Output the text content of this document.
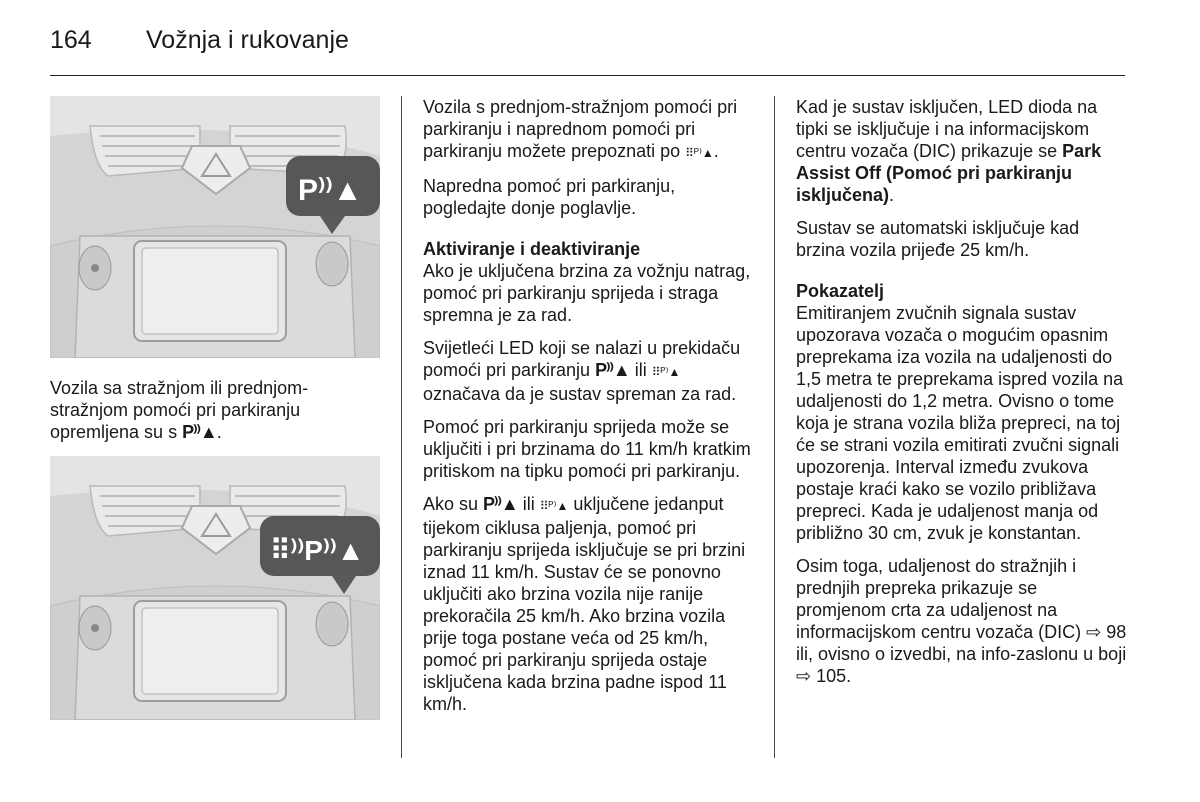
164 Vožnja i rukovanje
P⁾⁾▲

Vozila sa stražnjom ili prednjom-stražnjom pomoći pri parkiranju opremljena su s P⁾⁾▲.

⠿⁾⁾P⁾⁾▲

Vozila s prednjom-stražnjom pomoći pri parkiranju i naprednom pomoći pri parkiranju možete prepoznati po ⠿ᴾ⁾▲.

Napredna pomoć pri parkiranju, pogledajte donje poglavlje.

Aktiviranje i deaktiviranje

Ako je uključena brzina za vožnju natrag, pomoć pri parkiranju sprijeda i straga spremna je za rad.

Svijetleći LED koji se nalazi u prekidaču pomoći pri parkiranju P⁾⁾▲ ili ⠿ᴾ⁾▲ označava da je sustav spreman za rad.

Pomoć pri parkiranju sprijeda može se uključiti i pri brzinama do 11 km/h kratkim pritiskom na tipku pomoći pri parkiranju.

Ako su P⁾⁾▲ ili ⠿ᴾ⁾▲ uključene jedanput tijekom ciklusa paljenja, pomoć pri parkiranju sprijeda isključuje se pri brzini iznad 11 km/h. Sustav će se ponovno uključiti ako brzina vozila nije ranije prekoračila 25 km/h. Ako brzina vozila prije toga postane veća od 25 km/h, pomoć pri parkiranju sprijeda ostaje isključena kada brzina padne ispod 11 km/h.

Kad je sustav isključen, LED dioda na tipki se isključuje i na informacijskom centru vozača (DIC) prikazuje se Park Assist Off (Pomoć pri parkiranju isključena).

Sustav se automatski isključuje kad brzina vozila prijeđe 25 km/h.

Pokazatelj

Emitiranjem zvučnih signala sustav upozorava vozača o mogućim opasnim preprekama iza vozila na udaljenosti do 1,5 metra te preprekama ispred vozila na udaljenosti do 1,2 metra. Ovisno o tome koja je strana vozila bliža prepreci, na toj će se strani vozila emitirati zvučni signali upozorenja. Interval između zvukova postaje kraći kako se vozilo približava prepreci. Kada je udaljenost manja od približno 30 cm, zvuk je konstantan.

Osim toga, udaljenost do stražnjih i prednjih prepreka prikazuje se promjenom crta za udaljenost na informacijskom centru vozača (DIC) ⇨ 98 ili, ovisno o izvedbi, na info-zaslonu u boji ⇨ 105.
